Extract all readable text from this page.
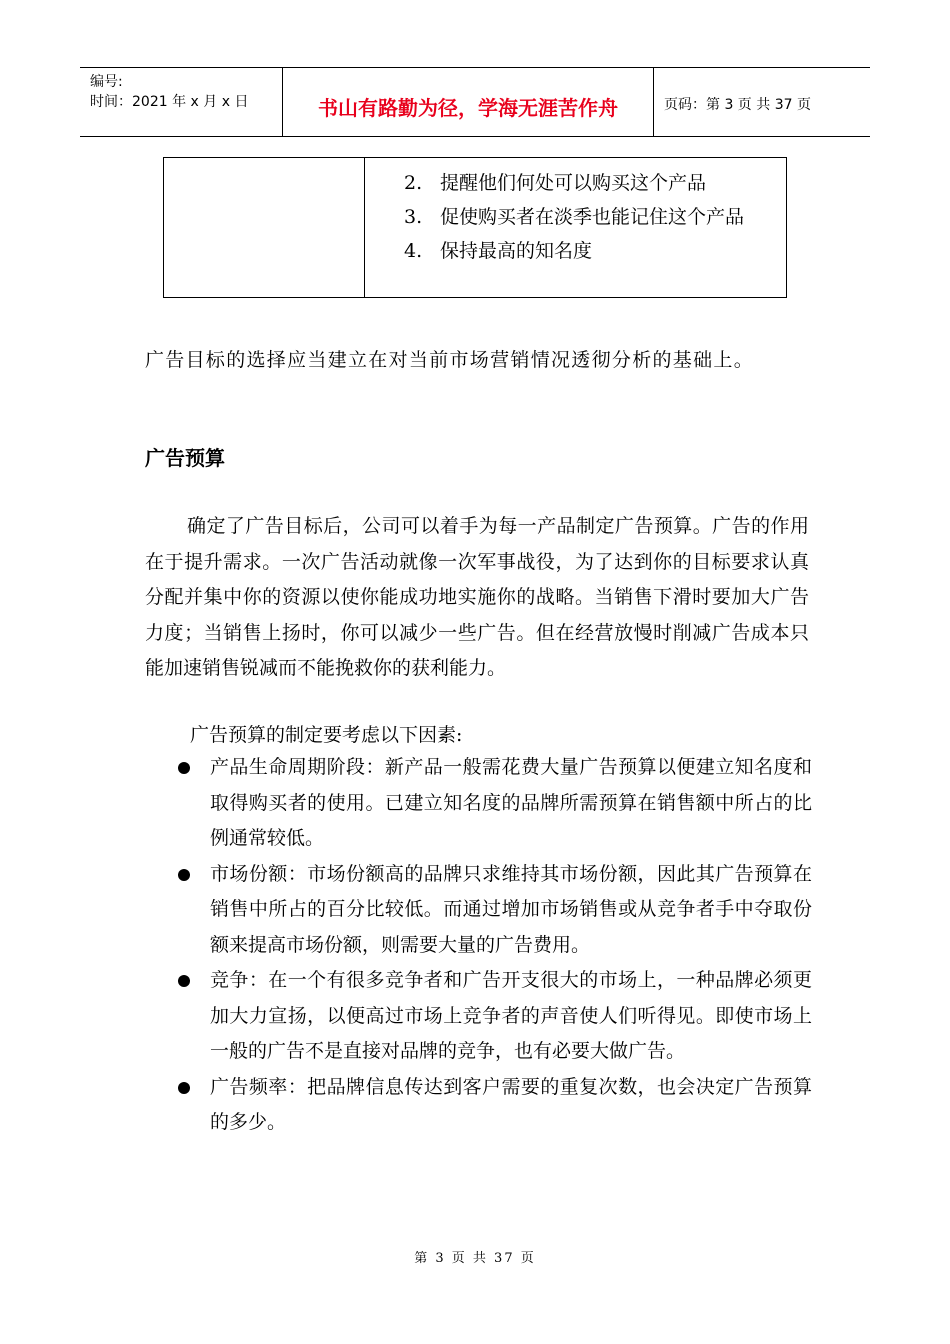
编号:
时间：2021 年 x 月 x 日	书山有路勤为径，学海无涯苦作舟	页码：第 3 页 共 37 页
2. 提醒他们何处可以购买这个产品
3. 促使购买者在淡季也能记住这个产品
4. 保持最高的知名度
广告目标的选择应当建立在对当前市场营销情况透彻分析的基础上。
广告预算
确定了广告目标后，公司可以着手为每一产品制定广告预算。广告的作用在于提升需求。一次广告活动就像一次军事战役，为了达到你的目标要求认真分配并集中你的资源以使你能成功地实施你的战略。当销售下滑时要加大广告力度；当销售上扬时，你可以减少一些广告。但在经营放慢时削减广告成本只能加速销售锐减而不能挽救你的获利能力。
广告预算的制定要考虑以下因素:
产品生命周期阶段：新产品一般需花费大量广告预算以便建立知名度和取得购买者的使用。已建立知名度的品牌所需预算在销售额中所占的比例通常较低。
市场份额：市场份额高的品牌只求维持其市场份额，因此其广告预算在销售中所占的百分比较低。而通过增加市场销售或从竞争者手中夺取份额来提高市场份额，则需要大量的广告费用。
竞争：在一个有很多竞争者和广告开支很大的市场上，一种品牌必须更加大力宣扬，以便高过市场上竞争者的声音使人们听得见。即使市场上一般的广告不是直接对品牌的竞争，也有必要大做广告。
广告频率：把品牌信息传达到客户需要的重复次数，也会决定广告预算的多少。
第 3 页 共 37 页
